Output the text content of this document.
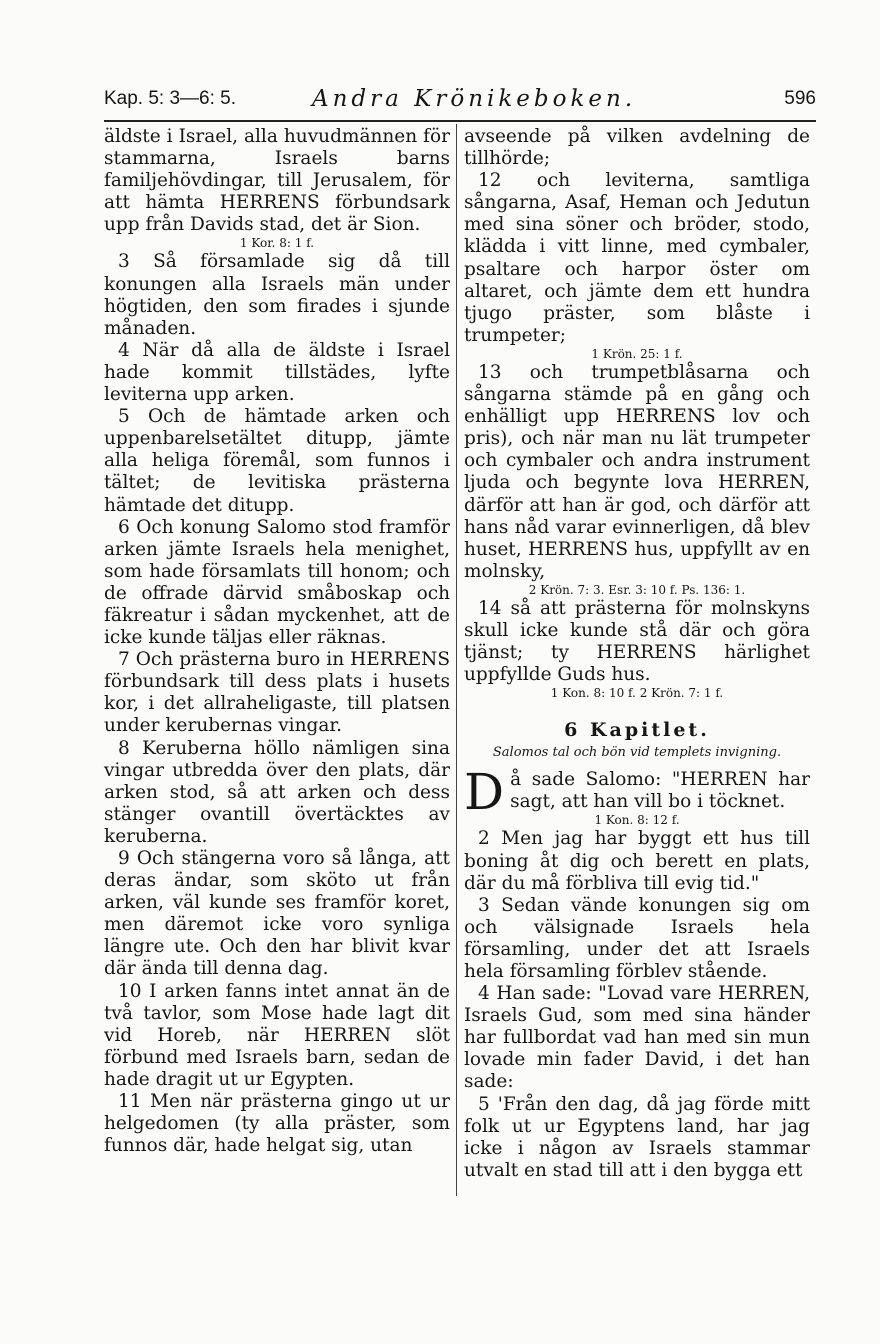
Kap. 5: 3—6: 5.	Andra Krönikeboken.	596

äldste i Israel, alla huvudmännen för stammarna, Israels barns familjehövdingar, till Jerusalem, för att hämta HERRENS förbundsark upp från Davids stad, det är Sion.

1 Kor. 8: 1 f.

3 Så församlade sig då till konungen alla Israels män under högtiden, den som firades i sjunde månaden.

4 När då alla de äldste i Israel hade kommit tillstädes, lyfte leviterna upp arken.

5 Och de hämtade arken och uppenbarelsetältet ditupp, jämte alla heliga föremål, som funnos i tältet; de levitiska prästerna hämtade det ditupp.

6 Och konung Salomo stod framför arken jämte Israels hela menighet, som hade församlats till honom; och de offrade därvid småboskap och fäkreatur i sådan myckenhet, att de icke kunde täljas eller räknas.

7 Och prästerna buro in HERRENS förbundsark till dess plats i husets kor, i det allraheligaste, till platsen under kerubernas vingar.

8 Keruberna höllo nämligen sina vingar utbredda över den plats, där arken stod, så att arken och dess stänger ovantill övertäcktes av keruberna.

9 Och stängerna voro så långa, att deras ändar, som sköto ut från arken, väl kunde ses framför koret, men däremot icke voro synliga längre ute. Och den har blivit kvar där ända till denna dag.

10 I arken fanns intet annat än de två tavlor, som Mose hade lagt dit vid Horeb, när HERREN slöt förbund med Israels barn, sedan de hade dragit ut ur Egypten.

11 Men när prästerna gingo ut ur helgedomen (ty alla präster, som funnos där, hade helgat sig, utan

avseende på vilken avdelning de tillhörde;

12 och leviterna, samtliga sångarna, Asaf, Heman och Jedutun med sina söner och bröder, stodo, klädda i vitt linne, med cymbaler, psaltare och harpor öster om altaret, och jämte dem ett hundra tjugo präster, som blåste i trumpeter;

1 Krön. 25: 1 f.

13 och trumpetblåsarna och sångarna stämde på en gång och enhälligt upp HERRENS lov och pris), och när man nu lät trumpeter och cymbaler och andra instrument ljuda och begynte lova HERREN, därför att han är god, och därför att hans nåd varar evinnerligen, då blev huset, HERRENS hus, uppfyllt av en molnsky,

2 Krön. 7: 3. Esr. 3: 10 f. Ps. 136: 1.

14 så att prästerna för molnskyns skull icke kunde stå där och göra tjänst; ty HERRENS härlighet uppfyllde Guds hus.

1 Kon. 8: 10 f. 2 Krön. 7: 1 f.
6 Kapitlet.
Salomos tal och bön vid templets invigning.

Då sade Salomo: "HERREN har sagt, att han vill bo i töcknet.

1 Kon. 8: 12 f.

2 Men jag har byggt ett hus till boning åt dig och berett en plats, där du må förbliva till evig tid."

3 Sedan vände konungen sig om och välsignade Israels hela församling, under det att Israels hela församling förblev stående.

4 Han sade: "Lovad vare HERREN, Israels Gud, som med sina händer har fullbordat vad han med sin mun lovade min fader David, i det han sade:

5 'Från den dag, då jag förde mitt folk ut ur Egyptens land, har jag icke i någon av Israels stammar utvalt en stad till att i den bygga ett
